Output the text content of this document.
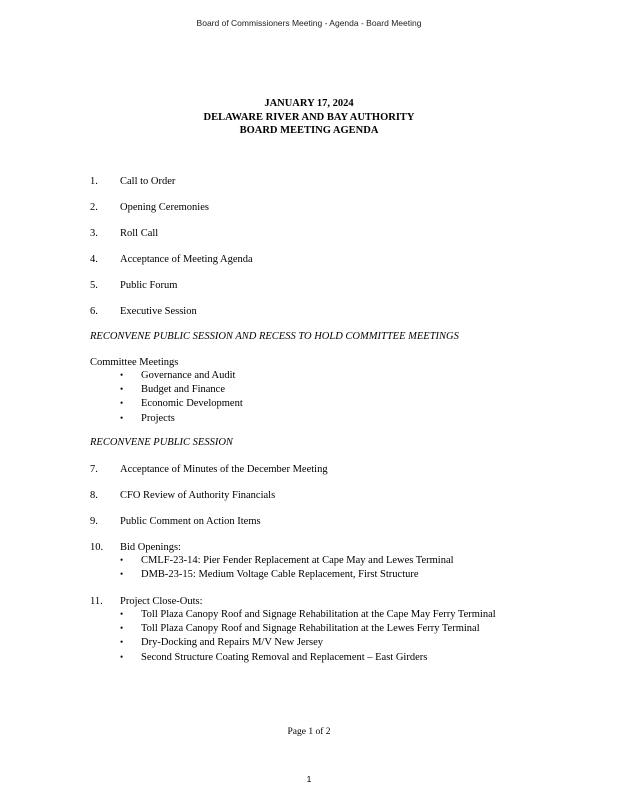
Board of Commissioners Meeting - Agenda - Board Meeting
JANUARY 17, 2024
DELAWARE RIVER AND BAY AUTHORITY
BOARD MEETING AGENDA
1. Call to Order
2. Opening Ceremonies
3. Roll Call
4. Acceptance of Meeting Agenda
5. Public Forum
6. Executive Session
RECONVENE PUBLIC SESSION AND RECESS TO HOLD COMMITTEE MEETINGS
Committee Meetings
• Governance and Audit
• Budget and Finance
• Economic Development
• Projects
RECONVENE PUBLIC SESSION
7. Acceptance of Minutes of the December Meeting
8. CFO Review of Authority Financials
9. Public Comment on Action Items
10. Bid Openings:
• CMLF-23-14: Pier Fender Replacement at Cape May and Lewes Terminal
• DMB-23-15: Medium Voltage Cable Replacement, First Structure
11. Project Close-Outs:
• Toll Plaza Canopy Roof and Signage Rehabilitation at the Cape May Ferry Terminal
• Toll Plaza Canopy Roof and Signage Rehabilitation at the Lewes Ferry Terminal
• Dry-Docking and Repairs M/V New Jersey
• Second Structure Coating Removal and Replacement – East Girders
Page 1 of 2
1
